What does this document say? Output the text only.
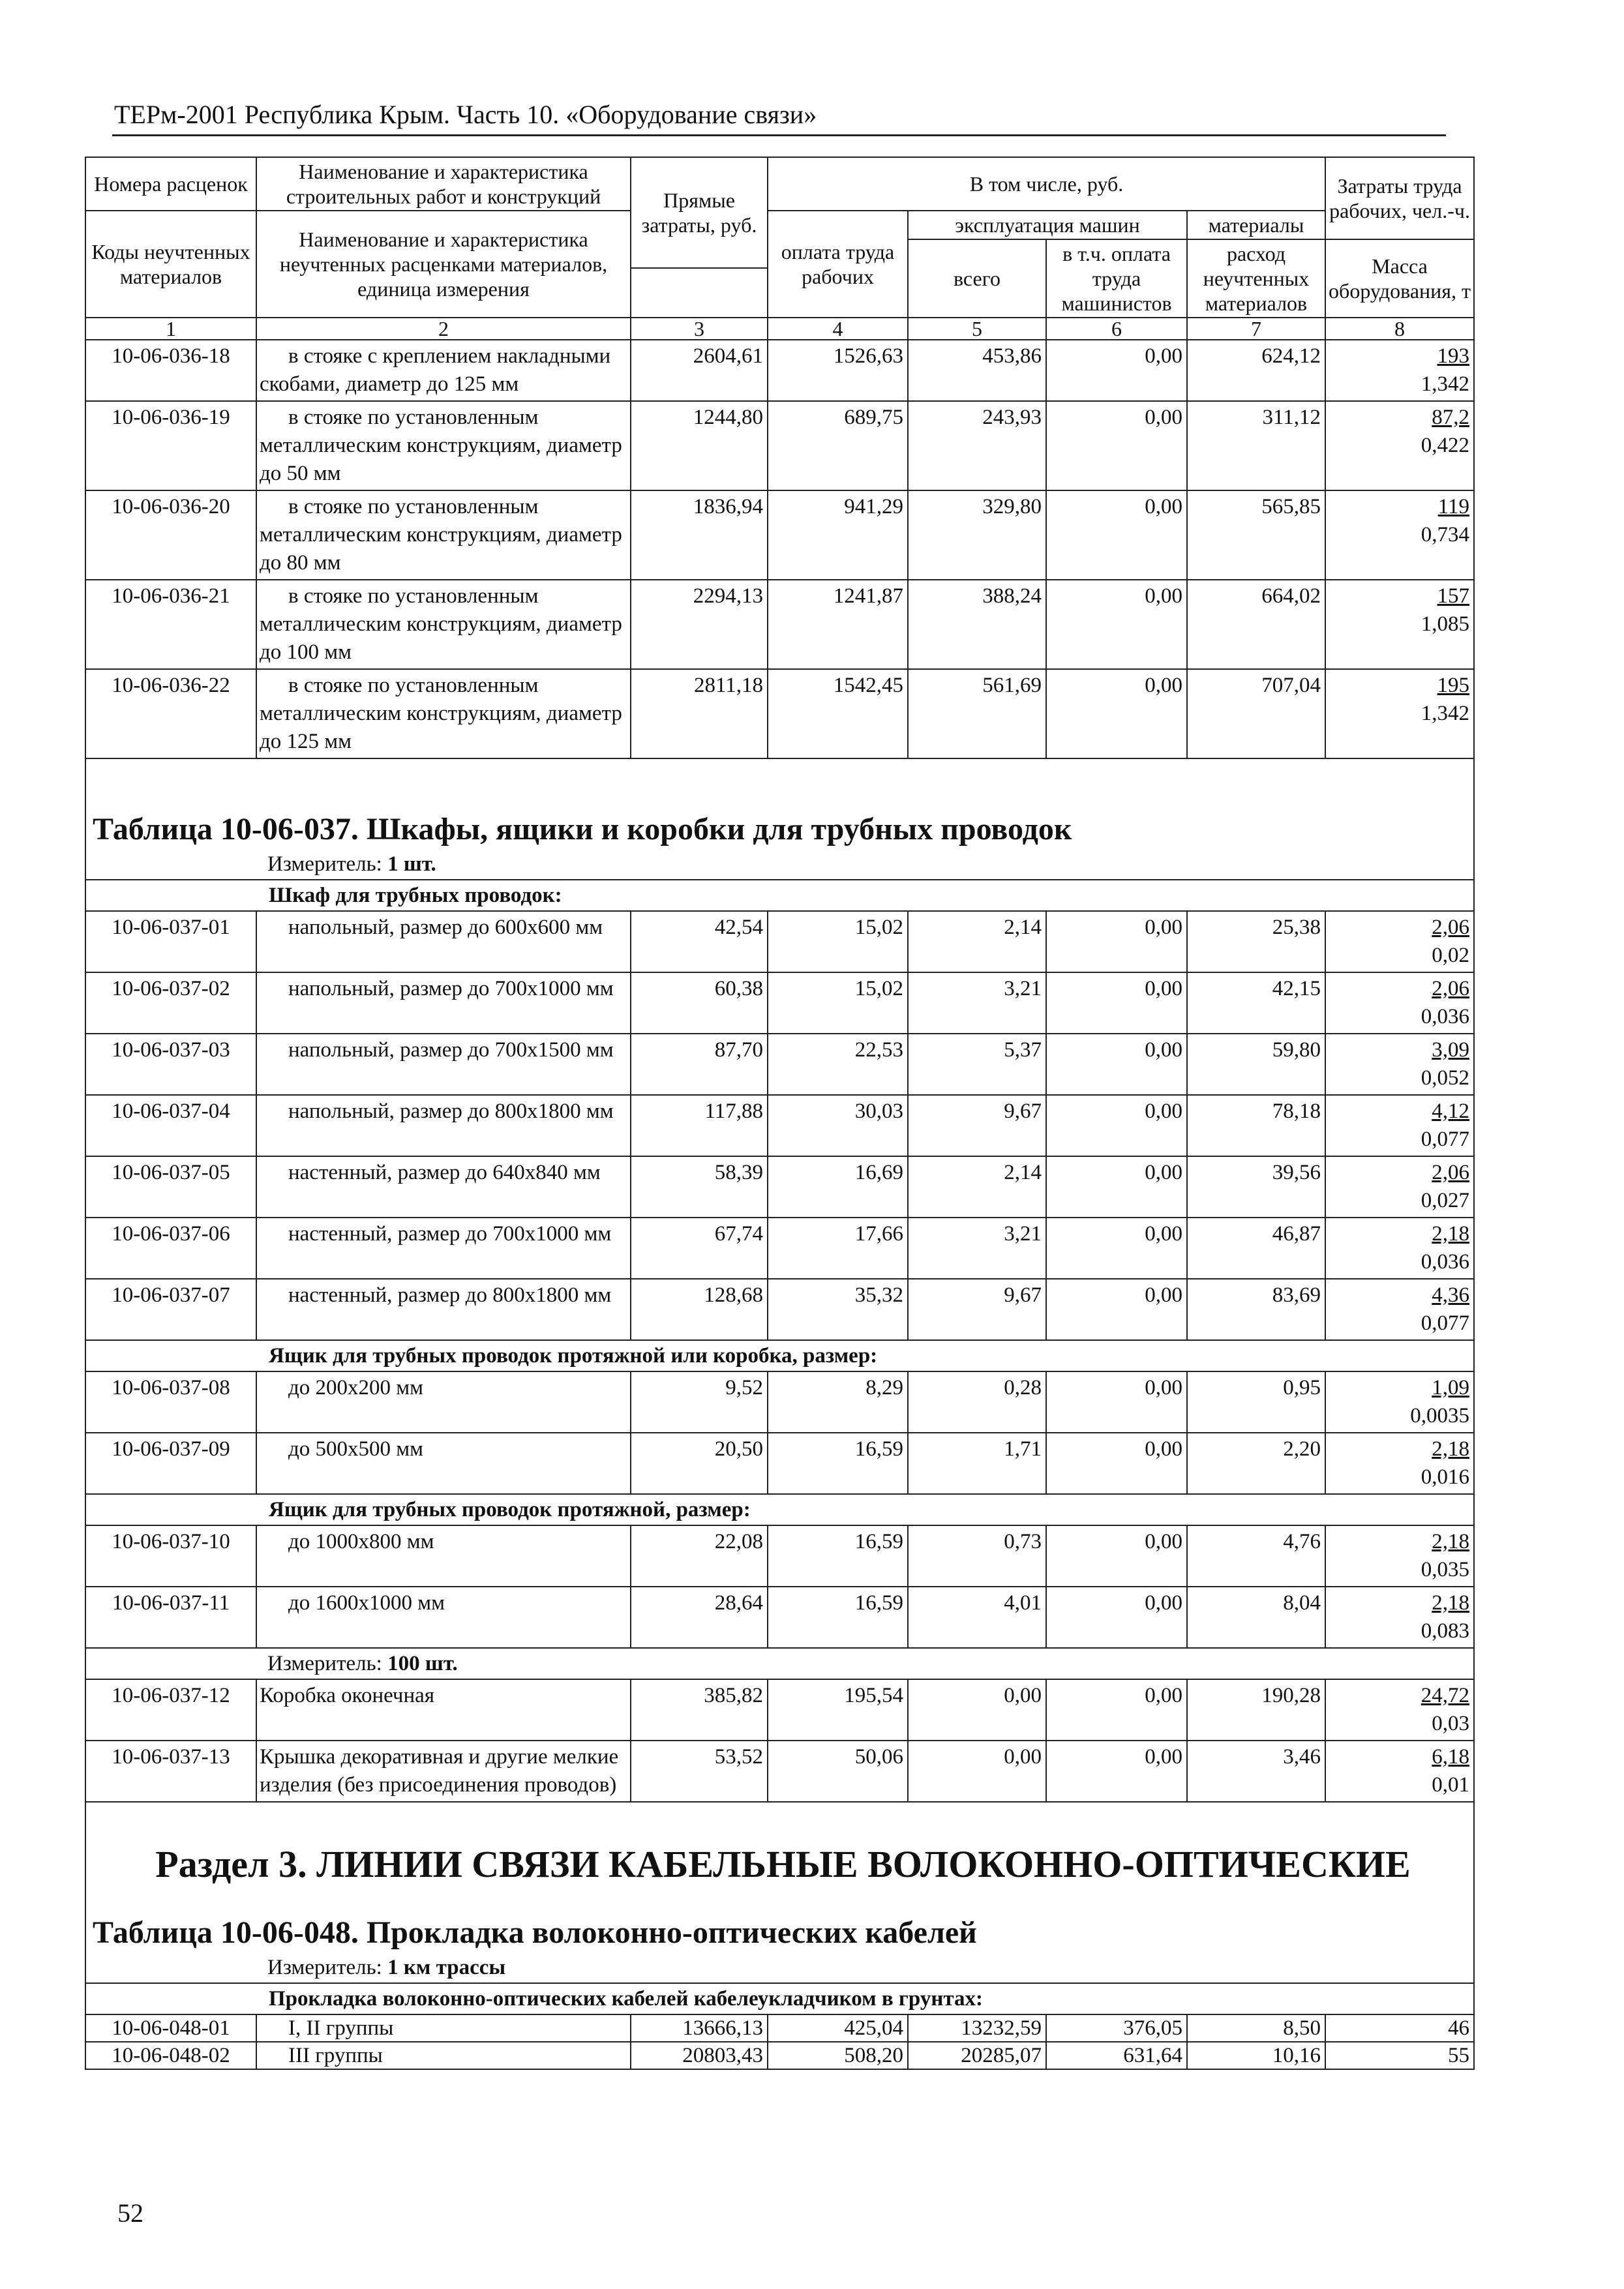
ТЕРм-2001 Республика Крым. Часть 10. «Оборудование связи»
Номера расценок	Наименование и характеристика строительных работ и конструкций	Прямые затраты, руб.	В том числе, руб.				Затраты труда рабочих, чел.-ч.
Коды неучтенных материалов	Наименование и характеристика неучтенных расценками материалов, единица измерения		оплата труда рабочих	эксплуатация машин		материалы	
				всего	в т.ч. оплата труда машинистов	расход неучтенных материалов	Масса оборудования, т

1	2	3	4	5	6	7	8
10-06-036-18	в стояке с креплением накладными скобами, диаметр до 125 мм	2604,61	1526,63	453,86	0,00	624,12	193
1,342

10-06-036-19	в стояке по установленным металлическим конструкциям, диаметр до 50 мм	1244,80	689,75	243,93	0,00	311,12	87,2
0,422

10-06-036-20	в стояке по установленным металлическим конструкциям, диаметр до 80 мм	1836,94	941,29	329,80	0,00	565,85	119
0,734

10-06-036-21	в стояке по установленным металлическим конструкциям, диаметр до 100 мм	2294,13	1241,87	388,24	0,00	664,02	157
1,085

10-06-036-22	в стояке по установленным металлическим конструкциям, диаметр до 125 мм	2811,18	1542,45	561,69	0,00	707,04	195
1,342

Таблица 10-06-037. Шкафы, ящики и коробки для трубных проводок							

Измеритель: 1 шт.							
Шкаф для трубных проводок:							
10-06-037-01	напольный, размер до 600x600 мм	42,54	15,02	2,14	0,00	25,38	2,06
0,02

10-06-037-02	напольный, размер до 700x1000 мм	60,38	15,02	3,21	0,00	42,15	2,06
0,036

10-06-037-03	напольный, размер до 700x1500 мм	87,70	22,53	5,37	0,00	59,80	3,09
0,052

10-06-037-04	напольный, размер до 800x1800 мм	117,88	30,03	9,67	0,00	78,18	4,12
0,077

10-06-037-05	настенный, размер до 640x840 мм	58,39	16,69	2,14	0,00	39,56	2,06
0,027

10-06-037-06	настенный, размер до 700x1000 мм	67,74	17,66	3,21	0,00	46,87	2,18
0,036

10-06-037-07	настенный, размер до 800x1800 мм	128,68	35,32	9,67	0,00	83,69	4,36
0,077

Ящик для трубных проводок протяжной или коробка, размер:							
10-06-037-08	до 200x200 мм	9,52	8,29	0,28	0,00	0,95	1,09
0,0035

10-06-037-09	до 500x500 мм	20,50	16,59	1,71	0,00	2,20	2,18
0,016

Ящик для трубных проводок протяжной, размер:							
10-06-037-10	до 1000x800 мм	22,08	16,59	0,73	0,00	4,76	2,18
0,035

10-06-037-11	до 1600x1000 мм	28,64	16,59	4,01	0,00	8,04	2,18
0,083

Измеритель: 100 шт.							
10-06-037-12	Коробка оконечная	385,82	195,54	0,00	0,00	190,28	24,72
0,03

10-06-037-13	Крышка декоративная и другие мелкие изделия (без присоединения проводов)	53,52	50,06	0,00	0,00	3,46	6,18
0,01

Раздел 3. ЛИНИИ СВЯЗИ КАБЕЛЬНЫЕ ВОЛОКОННО-ОПТИЧЕСКИЕ
Таблица 10-06-048. Прокладка волоконно-оптических кабелей							

Измеритель: 1 км трассы							
Прокладка волоконно-оптических кабелей кабелеукладчиком в грунтах:							
10-06-048-01	I, II группы	13666,13	425,04	13232,59	376,05	8,50	46

10-06-048-02	III группы	20803,43	508,20	20285,07	631,64	10,16	55
52
